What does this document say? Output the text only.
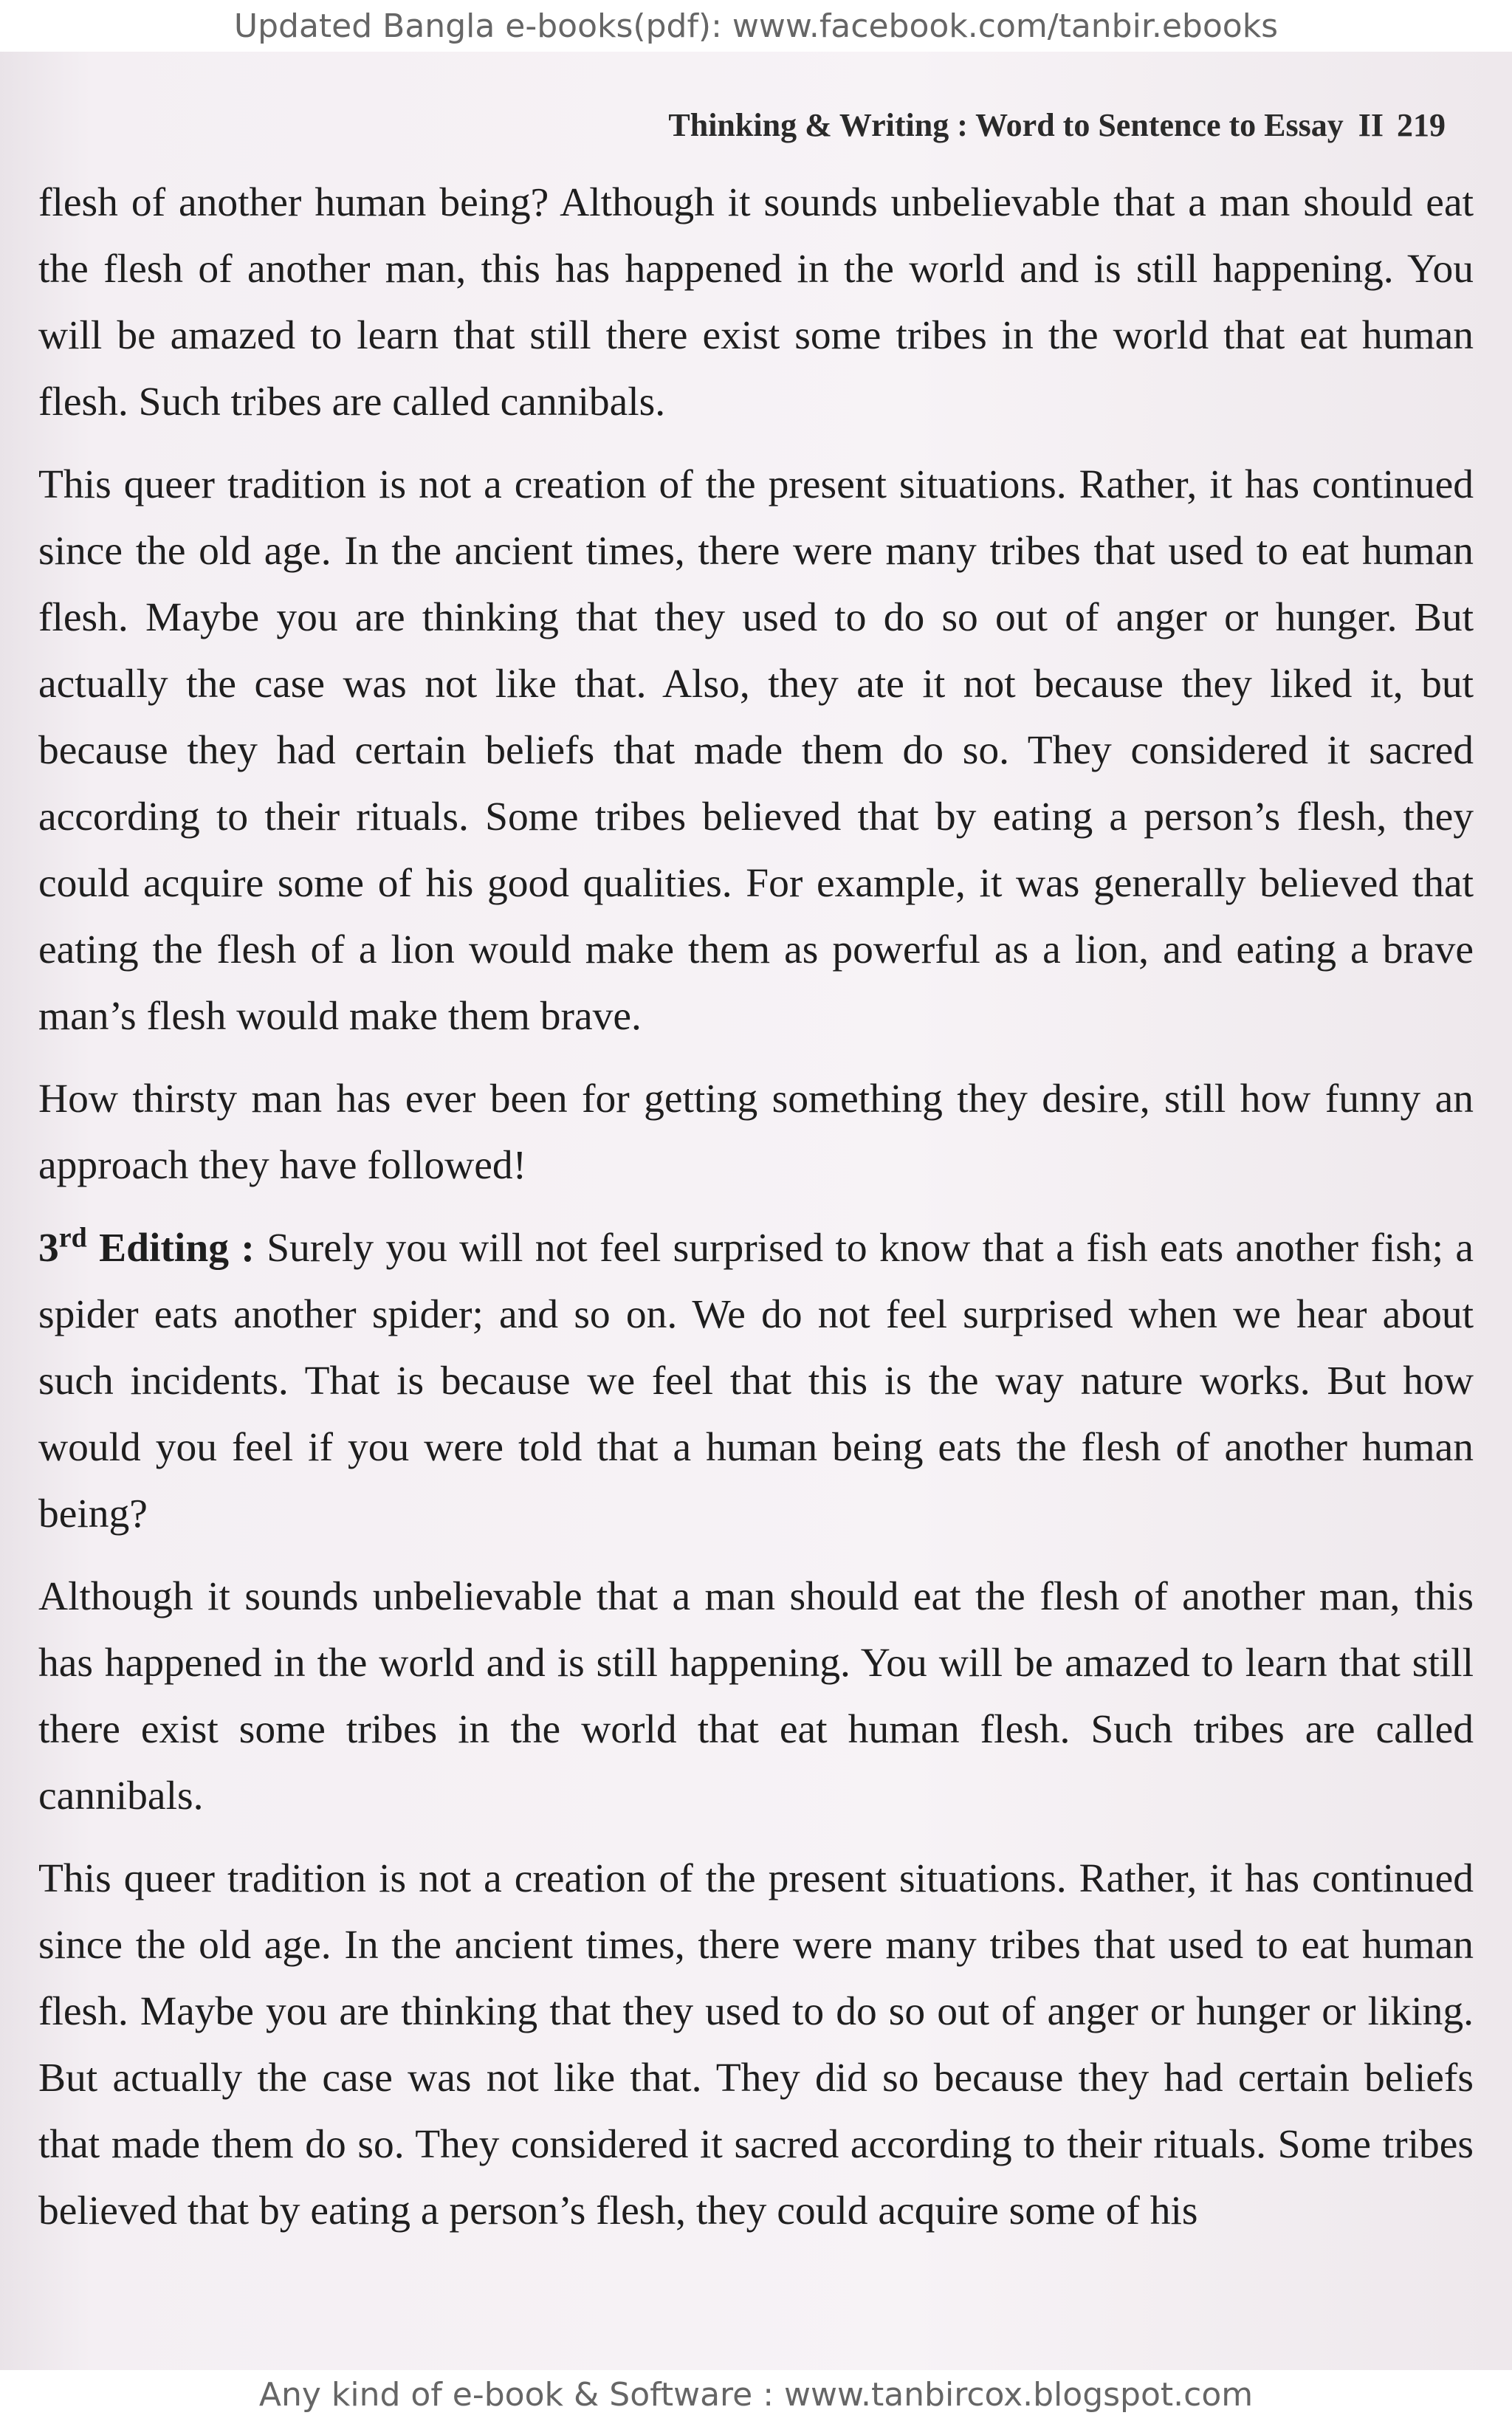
Updated Bangla e-books(pdf): www.facebook.com/tanbir.ebooks
Thinking & Writing : Word to Sentence to Essay II 219

flesh of another human being? Although it sounds unbelievable that a man should eat the flesh of another man, this has happened in the world and is still happening. You will be amazed to learn that still there exist some tribes in the world that eat human flesh. Such tribes are called cannibals.

This queer tradition is not a creation of the present situations. Rather, it has continued since the old age. In the ancient times, there were many tribes that used to eat human flesh. Maybe you are thinking that they used to do so out of anger or hunger. But actually the case was not like that. Also, they ate it not because they liked it, but because they had certain beliefs that made them do so. They considered it sacred according to their rituals. Some tribes believed that by eating a person’s flesh, they could acquire some of his good qualities. For example, it was generally believed that eating the flesh of a lion would make them as powerful as a lion, and eating a brave man’s flesh would make them brave.

How thirsty man has ever been for getting something they desire, still how funny an approach they have followed!

3rd Editing : Surely you will not feel surprised to know that a fish eats another fish; a spider eats another spider; and so on. We do not feel surprised when we hear about such incidents. That is because we feel that this is the way nature works. But how would you feel if you were told that a human being eats the flesh of another human being?

Although it sounds unbelievable that a man should eat the flesh of another man, this has happened in the world and is still happening. You will be amazed to learn that still there exist some tribes in the world that eat human flesh. Such tribes are called cannibals.

This queer tradition is not a creation of the present situations. Rather, it has continued since the old age. In the ancient times, there were many tribes that used to eat human flesh. Maybe you are thinking that they used to do so out of anger or hunger or liking. But actually the case was not like that. They did so because they had certain beliefs that made them do so. They considered it sacred according to their rituals. Some tribes believed that by eating a person’s flesh, they could acquire some of his

Any kind of e-book & Software : www.tanbircox.blogspot.com
